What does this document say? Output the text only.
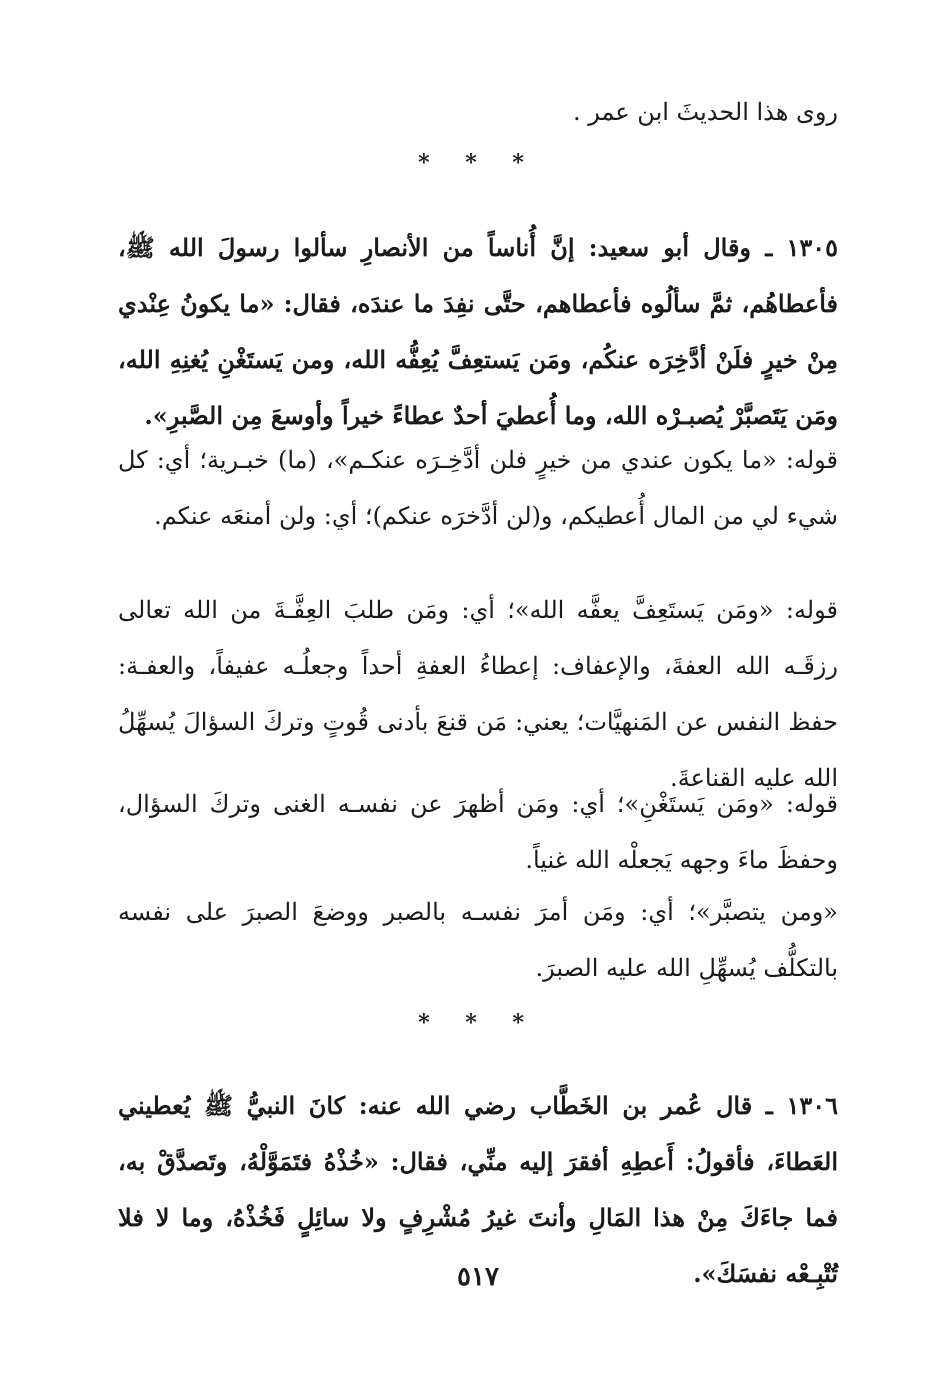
روى هذا الحديثَ ابن عمر .

* * *

١٣٠٥ ـ وقال أبو سعيد: إنَّ أُناساً من الأنصارِ سألوا رسولَ الله ﷺ، فأعطاهُم، ثمَّ سألُوه فأعطاهم، حتَّى نفِدَ ما عندَه، فقال: «ما يكونُ عِنْدي مِنْ خيرٍ فلَنْ أدَّخِرَه عنكُم، ومَن يَستعِفَّ يُعِفُّه الله، ومن يَستَغْنِ يُغنِهِ الله، ومَن يَتَصبَّرْ يُصبـرْه الله، وما أُعطيَ أحدٌ عطاءً خيراً وأوسعَ مِن الصَّبرِ».

قوله: «ما يكون عندي من خيرٍ فلن أدَّخِـرَه عنكـم»، (ما) خبـرية؛ أي: كل شيء لي من المال أُعطيكم، و(لن أدَّخرَه عنكم)؛ أي: ولن أمنعَه عنكم.

قوله: «ومَن يَستَعِفَّ يعفَّه الله»؛ أي: ومَن طلبَ العِفَّـةَ من الله تعالى رزقَـه الله العفةَ، والإعفاف: إعطاءُ العفةِ أحداً وجعلُـه عفيفاً، والعفـة: حفظ النفس عن المَنهيَّات؛ يعني: مَن قنعَ بأدنى قُوتٍ وتركَ السؤالَ يُسهِّلُ الله عليه القناعةَ.

قوله: «ومَن يَستَغْنِ»؛ أي: ومَن أظهرَ عن نفسـه الغنى وتركَ السؤال، وحفظَ ماءَ وجهه يَجعلْه الله غنياً.

«ومن يتصبَّر»؛ أي: ومَن أمرَ نفسـه بالصبر ووضعَ الصبرَ على نفسه بالتكلُّف يُسهِّلِ الله عليه الصبرَ.

* * *

١٣٠٦ ـ قال عُمر بن الخَطَّاب رضي الله عنه: كانَ النبيُّ ﷺ يُعطيني العَطاءَ، فأقولُ: أَعطِهِ أفقرَ إليه منِّي، فقال: «خُذْهُ فتَمَوَّلْهُ، وتَصدَّقْ به، فما جاءَكَ مِنْ هذا المَالِ وأنتَ غيرُ مُشْرِفٍ ولا سائِلٍ فَخُذْهُ، وما لا فلا تُتْبِـعْه نفسَكَ».

٥١٧
